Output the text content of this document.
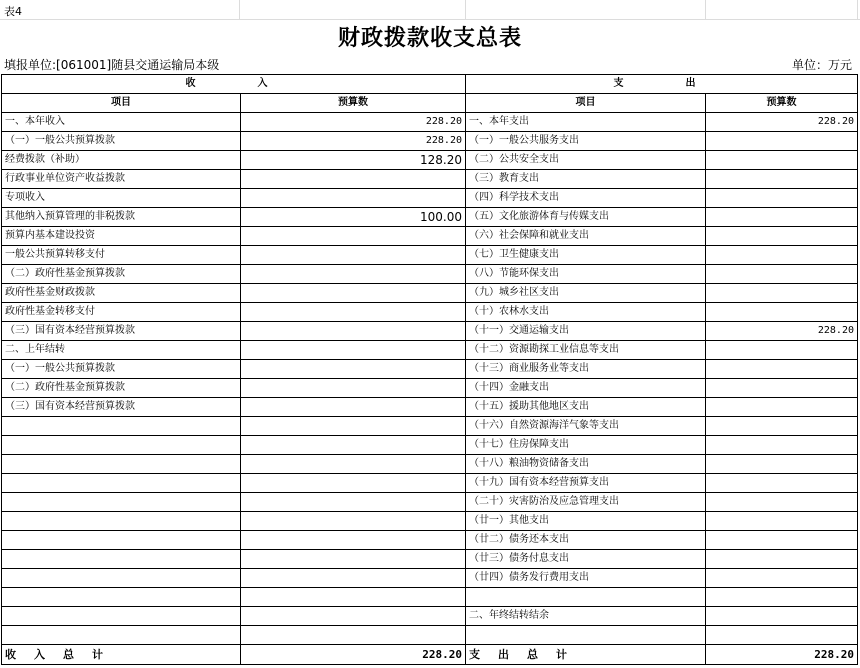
表4
财政拨款收支总表
填报单位:[061001]随县交通运输局本级	单位：万元
收　　入		支　　出	
项目	预算数	项目	预算数
一、本年收入	228.20	一、本年支出	228.20
（一）一般公共预算拨款	228.20	（一）一般公共服务支出	
经费拨款（补助）	128.20	（二）公共安全支出	
行政事业单位资产收益拨款		（三）教育支出	
专项收入		（四）科学技术支出	
其他纳入预算管理的非税拨款	100.00	（五）文化旅游体育与传媒支出	
预算内基本建设投资		（六）社会保障和就业支出	
一般公共预算转移支付		（七）卫生健康支出	
（二）政府性基金预算拨款		（八）节能环保支出	
政府性基金财政拨款		（九）城乡社区支出	
政府性基金转移支付		（十）农林水支出	
（三）国有资本经营预算拨款		（十一）交通运输支出	228.20
二、上年结转		（十二）资源勘探工业信息等支出	
（一）一般公共预算拨款		（十三）商业服务业等支出	
（二）政府性基金预算拨款		（十四）金融支出	
（三）国有资本经营预算拨款		（十五）援助其他地区支出	
		（十六）自然资源海洋气象等支出	
		（十七）住房保障支出	
		（十八）粮油物资储备支出	
		（十九）国有资本经营预算支出	
		（二十）灾害防治及应急管理支出	
		（廿一）其他支出	
		（廿二）债务还本支出	
		（廿三）债务付息支出	
		（廿四）债务发行费用支出	

		二、年终结转结余	

收入总计	228.20	支出总计	228.20
